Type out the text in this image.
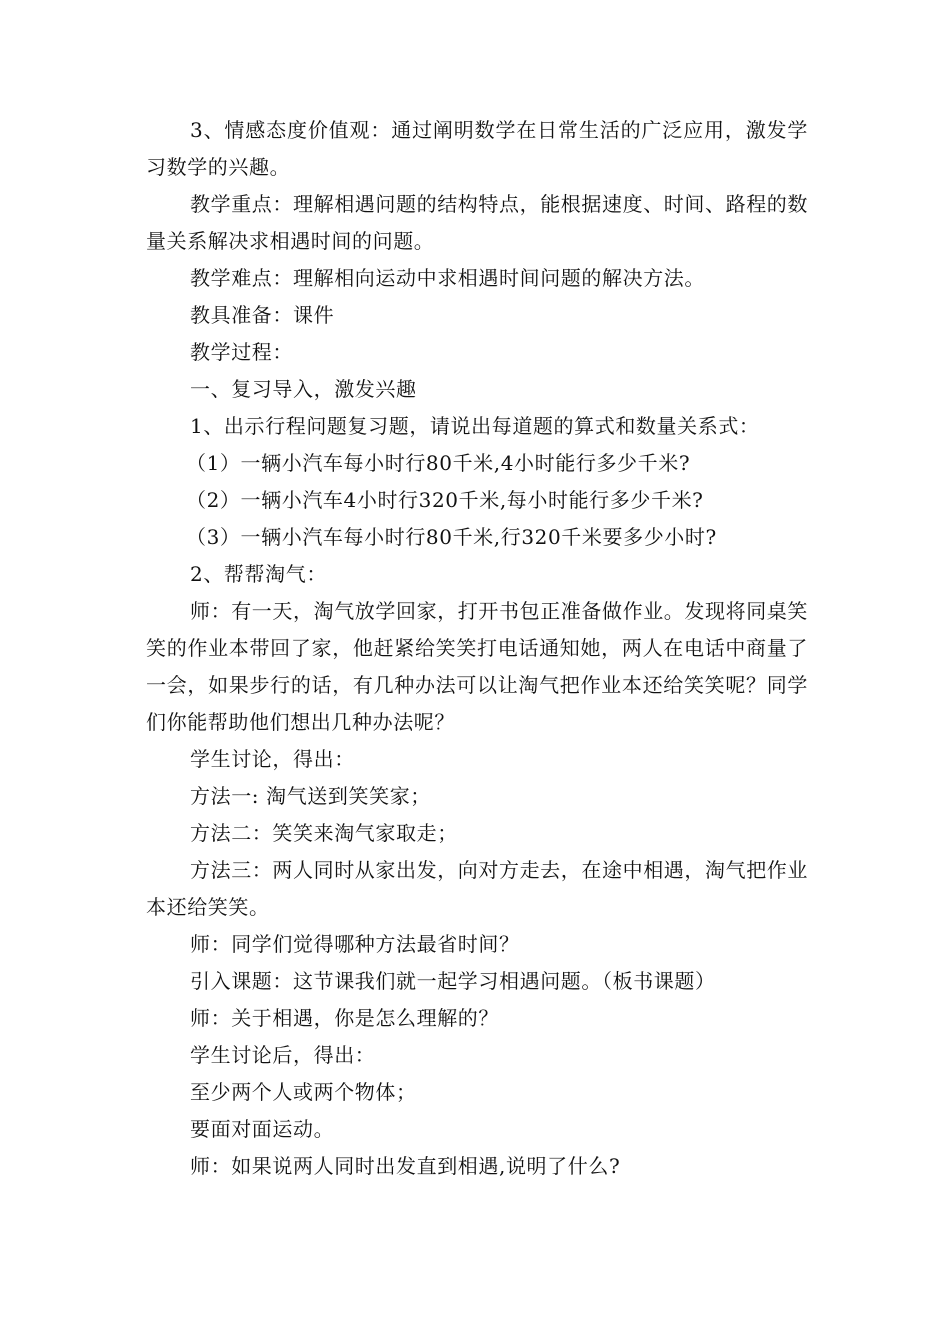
3、情感态度价值观：通过阐明数学在日常生活的广泛应用，激发学习数学的兴趣。

教学重点：理解相遇问题的结构特点，能根据速度、时间、路程的数量关系解决求相遇时间的问题。

教学难点：理解相向运动中求相遇时间问题的解决方法。

教具准备：课件

教学过程：

一、复习导入，激发兴趣

1、出示行程问题复习题，请说出每道题的算式和数量关系式：

（1）一辆小汽车每小时行80千米,4小时能行多少千米?

（2）一辆小汽车4小时行320千米,每小时能行多少千米?

（3）一辆小汽车每小时行80千米,行320千米要多少小时?

2、帮帮淘气：

师：有一天，淘气放学回家，打开书包正准备做作业。发现将同桌笑笑的作业本带回了家，他赶紧给笑笑打电话通知她，两人在电话中商量了一会，如果步行的话，有几种办法可以让淘气把作业本还给笑笑呢？同学们你能帮助他们想出几种办法呢？

学生讨论，得出：

方法一: 淘气送到笑笑家；

方法二：笑笑来淘气家取走；

方法三：两人同时从家出发，向对方走去，在途中相遇，淘气把作业本还给笑笑。

师：同学们觉得哪种方法最省时间？

引入课题：这节课我们就一起学习相遇问题。（板书课题）

师：关于相遇，你是怎么理解的？

学生讨论后，得出：

至少两个人或两个物体；

要面对面运动。

师：如果说两人同时出发直到相遇,说明了什么?
